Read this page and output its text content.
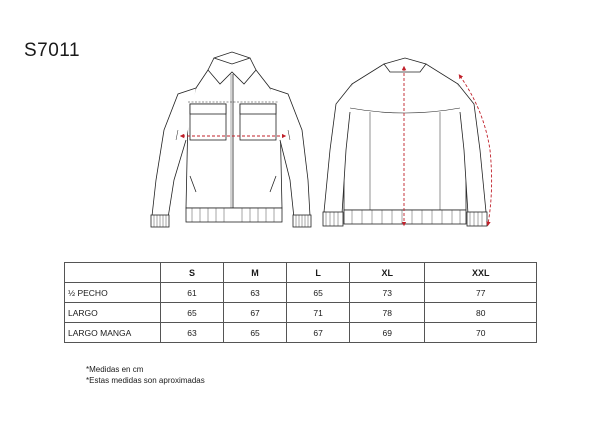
S7011
	S	M	L	XL	XXL
½ PECHO	61	63	65	73	77
LARGO	65	67	71	78	80
LARGO MANGA	63	65	67	69	70
*Medidas en cm
*Estas medidas son aproximadas
